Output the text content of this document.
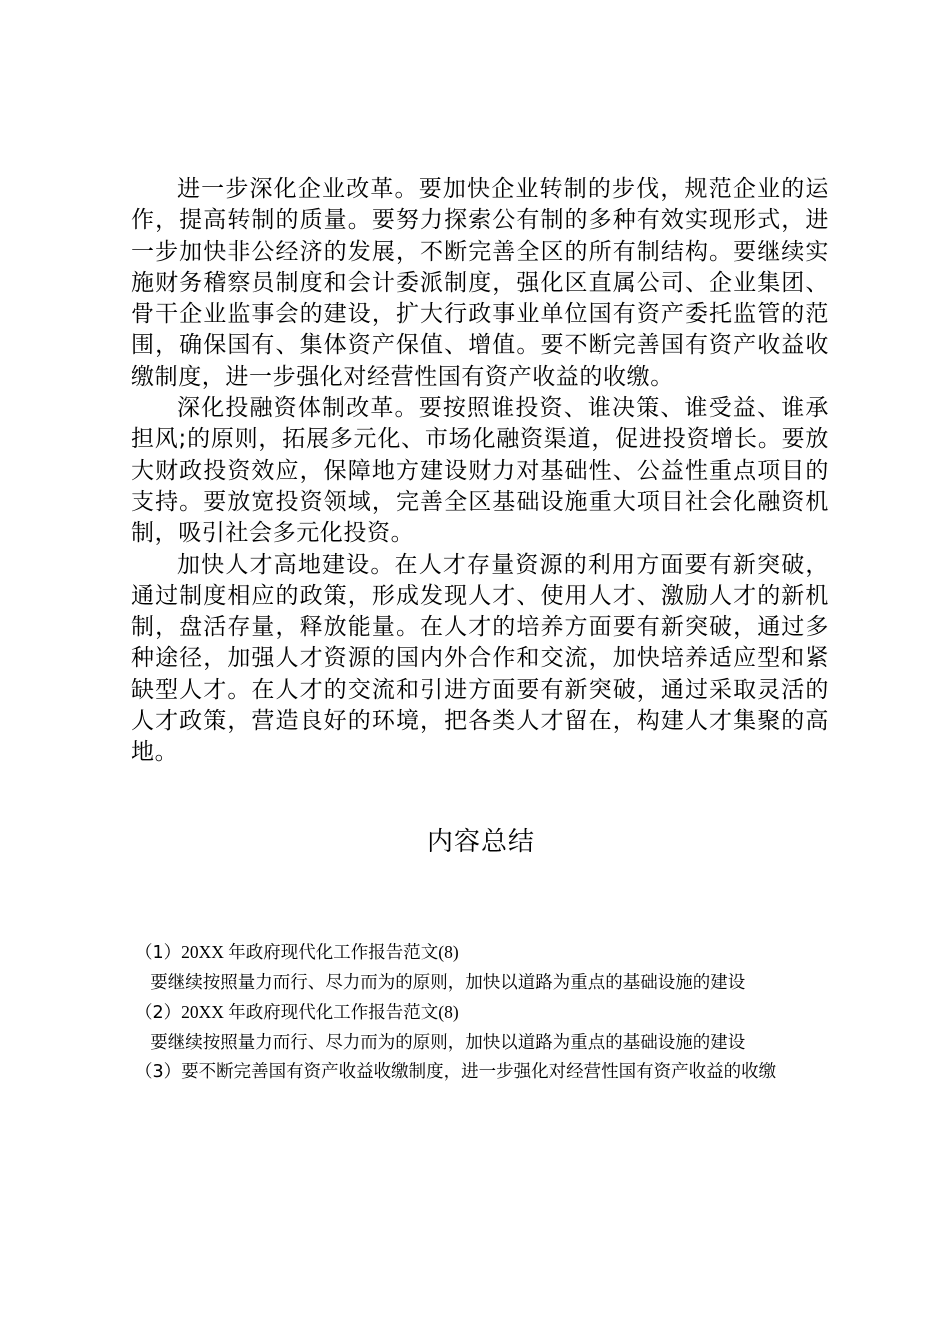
进一步深化企业改革。要加快企业转制的步伐，规范企业的运作，提高转制的质量。要努力探索公有制的多种有效实现形式，进一步加快非公经济的发展，不断完善全区的所有制结构。要继续实施财务稽察员制度和会计委派制度，强化区直属公司、企业集团、骨干企业监事会的建设，扩大行政事业单位国有资产委托监管的范围，确保国有、集体资产保值、增值。要不断完善国有资产收益收缴制度，进一步强化对经营性国有资产收益的收缴。

深化投融资体制改革。要按照谁投资、谁决策、谁受益、谁承担风;的原则，拓展多元化、市场化融资渠道，促进投资增长。要放大财政投资效应，保障地方建设财力对基础性、公益性重点项目的支持。要放宽投资领域，完善全区基础设施重大项目社会化融资机制，吸引社会多元化投资。

加快人才高地建设。在人才存量资源的利用方面要有新突破，通过制度相应的政策，形成发现人才、使用人才、激励人才的新机制，盘活存量，释放能量。在人才的培养方面要有新突破，通过多种途径，加强人才资源的国内外合作和交流，加快培养适应型和紧缺型人才。在人才的交流和引进方面要有新突破，通过采取灵活的人才政策，营造良好的环境，把各类人才留在，构建人才集聚的高地。

内容总结

（1）20XX 年政府现代化工作报告范文(8)

要继续按照量力而行、尽力而为的原则，加快以道路为重点的基础设施的建设

（2）20XX 年政府现代化工作报告范文(8)

要继续按照量力而行、尽力而为的原则，加快以道路为重点的基础设施的建设

（3）要不断完善国有资产收益收缴制度，进一步强化对经营性国有资产收益的收缴
